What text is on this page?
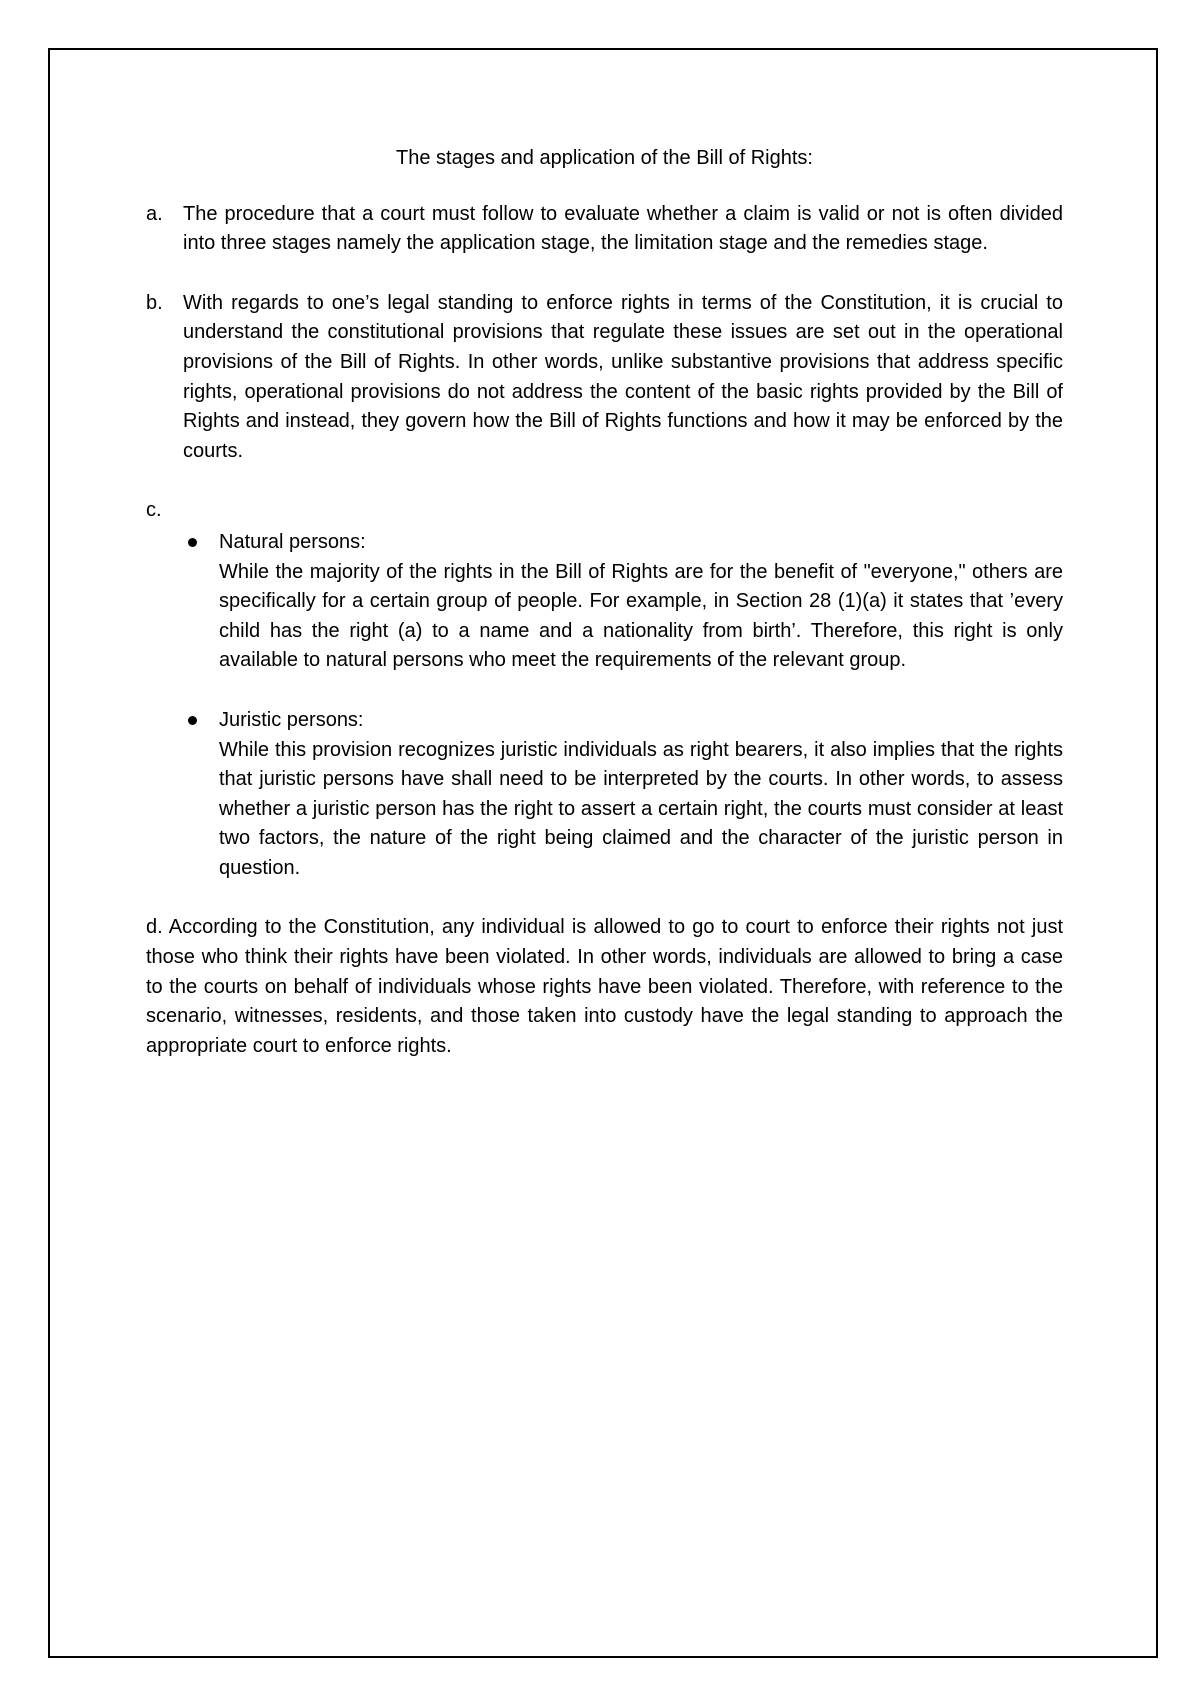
The stages and application of the Bill of Rights:

a.	The procedure that a court must follow to evaluate whether a claim is valid or not is often divided into three stages namely the application stage, the limitation stage and the remedies stage.
b.	With regards to one’s legal standing to enforce rights in terms of the Constitution, it is crucial to understand the constitutional provisions that regulate these issues are set out in the operational provisions of the Bill of Rights. In other words, unlike substantive provisions that address specific rights, operational provisions do not address the content of the basic rights provided by the Bill of Rights and instead, they govern how the Bill of Rights functions and how it may be enforced by the courts.
c.
Natural persons:
While the majority of the rights in the Bill of Rights are for the benefit of "everyone," others are specifically for a certain group of people. For example, in Section 28 (1)(a) it states that ’every child has the right (a) to a name and a nationality from birth’. Therefore, this right is only available to natural persons who meet the requirements of the relevant group.
Juristic persons:
While this provision recognizes juristic individuals as right bearers, it also implies that the rights that juristic persons have shall need to be interpreted by the courts. In other words, to assess whether a juristic person has the right to assert a certain right, the courts must consider at least two factors, the nature of the right being claimed and the character of the juristic person in question.

d. According to the Constitution, any individual is allowed to go to court to enforce their rights not just those who think their rights have been violated. In other words, individuals are allowed to bring a case to the courts on behalf of individuals whose rights have been violated. Therefore, with reference to the scenario, witnesses, residents, and those taken into custody have the legal standing to approach the appropriate court to enforce rights.
